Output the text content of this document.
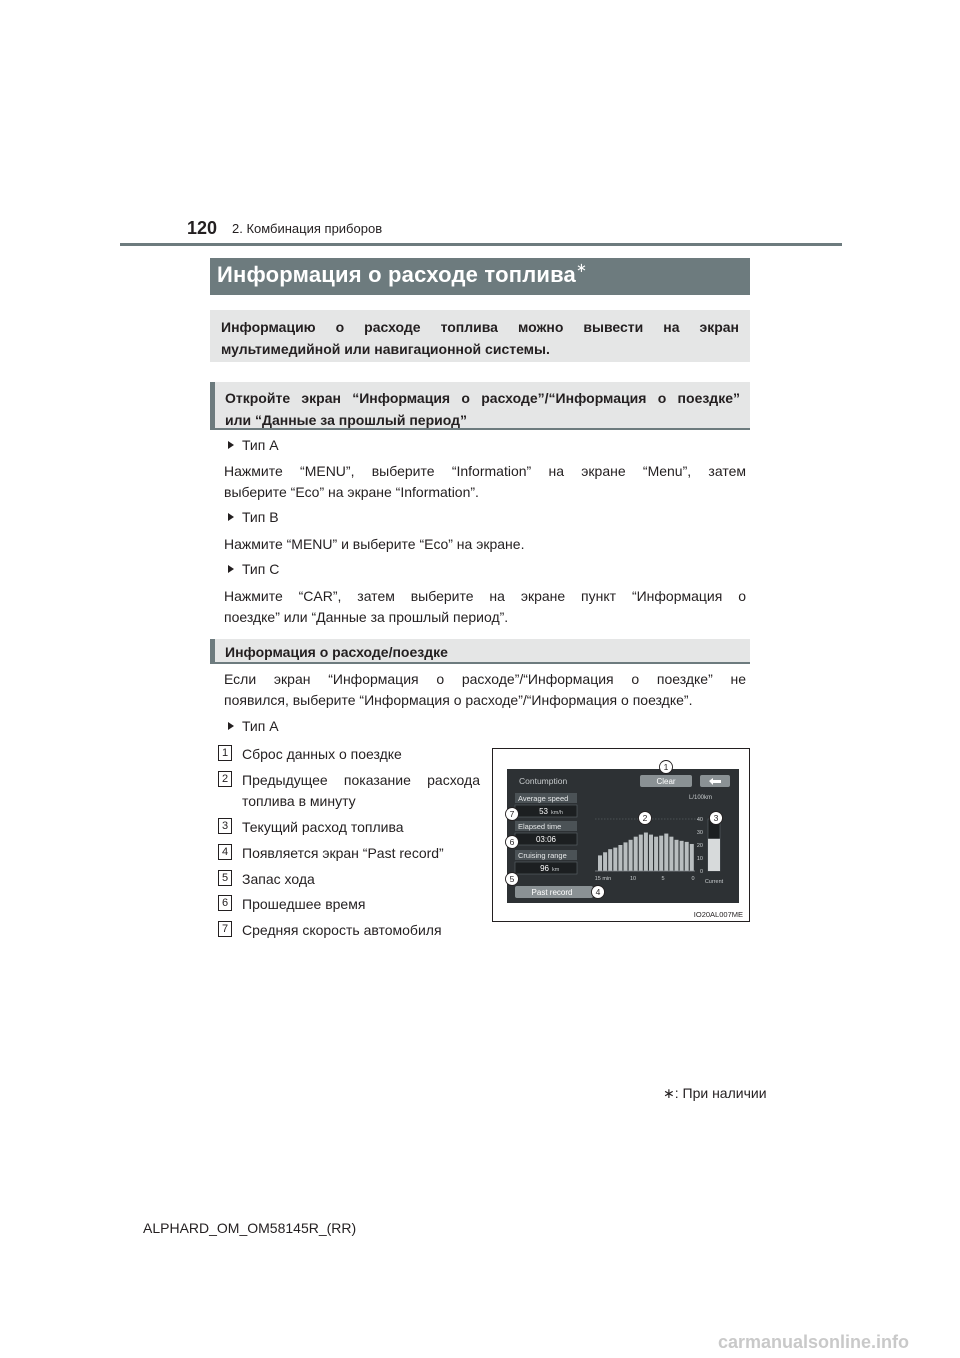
120 2. Комбинация приборов
Информация о расходе топлива∗
Информацию о расходе топлива можно вывести на экран
мультимедийной или навигационной системы.
Откройте экран “Информация о расходе”/“Информация о поездке”
или “Данные за прошлый период”
Тип A
Нажмите “MENU”, выберите “Information” на экране “Menu”, затем
выберите “Eco” на экране “Information”.
Тип B
Нажмите “MENU” и выберите “Eco” на экране.
Тип C
Нажмите “CAR”, затем выберите на экране пункт “Информация о
поездке” или “Данные за прошлый период”.
Информация о расходе/поездке
Если экран “Информация о расходе”/“Информация о поездке” не
появился, выберите “Информация о расходе”/“Информация о поездке”.
Тип A
1 Сброс данных о поездке
2 Предыдущее показание расхода
топлива в минуту
3 Текущий расход топлива
4 Появляется экран “Past record”
5 Запас хода
6 Прошедшее время
7 Средняя скорость автомобиля
Contumption	Clear
Average speed
53 km/h
Elapsed time
03:06
Cruising range
96 km
Past record
L/100km
40
30
20
10
0
15 min	10	5	0 Current
1
2	3
4
5
6
7
IO20AL007ME
∗: При наличии
ALPHARD_OM_OM58145R_(RR)
carmanualsonline.info
